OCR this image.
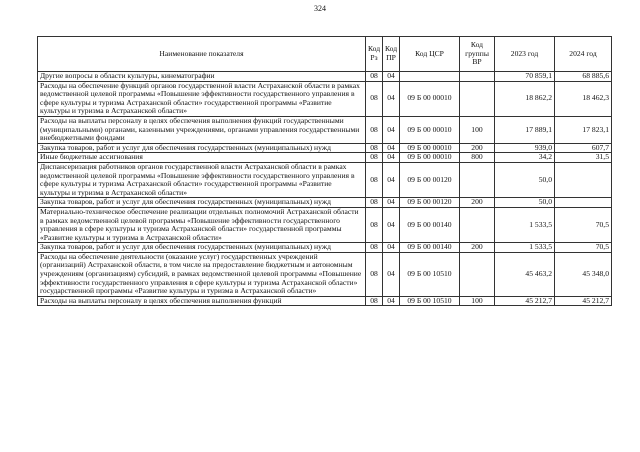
324
Наименование показателя	Код Рз	Код ПР	Код ЦСР	Код группы ВР	2023 год	2024 год
Другие вопросы в области культуры, кинематографии	08	04			70 859,1	68 885,6
Расходы на обеспечение функций органов государственной власти Астраханской области в рамках ведомственной целевой программы «Повышение эффективности государственного управления в сфере культуры и туризма Астраханской области» государственной программы «Развитие культуры и туризма в Астраханской области»	08	04	09 Б 00 00010		18 862,2	18 462,3
Расходы на выплаты персоналу в целях обеспечения выполнения функций государственными (муниципальными) органами, казенными учреждениями, органами управления государственными внебюджетными фондами	08	04	09 Б 00 00010	100	17 889,1	17 823,1
Закупка товаров, работ и услуг для обеспечения государственных (муниципальных) нужд	08	04	09 Б 00 00010	200	939,0	607,7
Иные бюджетные ассигнования	08	04	09 Б 00 00010	800	34,2	31,5
Диспансеризация работников органов государственной власти Астраханской области в рамках ведомственной целевой программы «Повышение эффективности государственного управления в сфере культуры и туризма Астраханской области» государственной программы «Развитие культуры и туризма в Астраханской области»	08	04	09 Б 00 00120		50,0	
Закупка товаров, работ и услуг для обеспечения государственных (муниципальных) нужд	08	04	09 Б 00 00120	200	50,0	
Материально-техническое обеспечение реализации отдельных полномочий Астраханской области в рамках ведомственной целевой программы «Повышение эффективности государственного управления в сфере культуры и туризма Астраханской области» государственной программы «Развитие культуры и туризма в Астраханской области»	08	04	09 Б 00 00140		1 533,5	70,5
Закупка товаров, работ и услуг для обеспечения государственных (муниципальных) нужд	08	04	09 Б 00 00140	200	1 533,5	70,5
Расходы на обеспечение деятельности (оказание услуг) государственных учреждений (организаций) Астраханской области, в том числе на предоставление бюджетным и автономным учреждениям (организациям) субсидий, в рамках ведомственной целевой программы «Повышение эффективности государственного управления в сфере культуры и туризма Астраханской области» государственной программы «Развитие культуры и туризма в Астраханской области»	08	04	09 Б 00 10510		45 463,2	45 348,0
Расходы на выплаты персоналу в целях обеспечения выполнения функций	08	04	09 Б 00 10510	100	45 212,7	45 212,7
